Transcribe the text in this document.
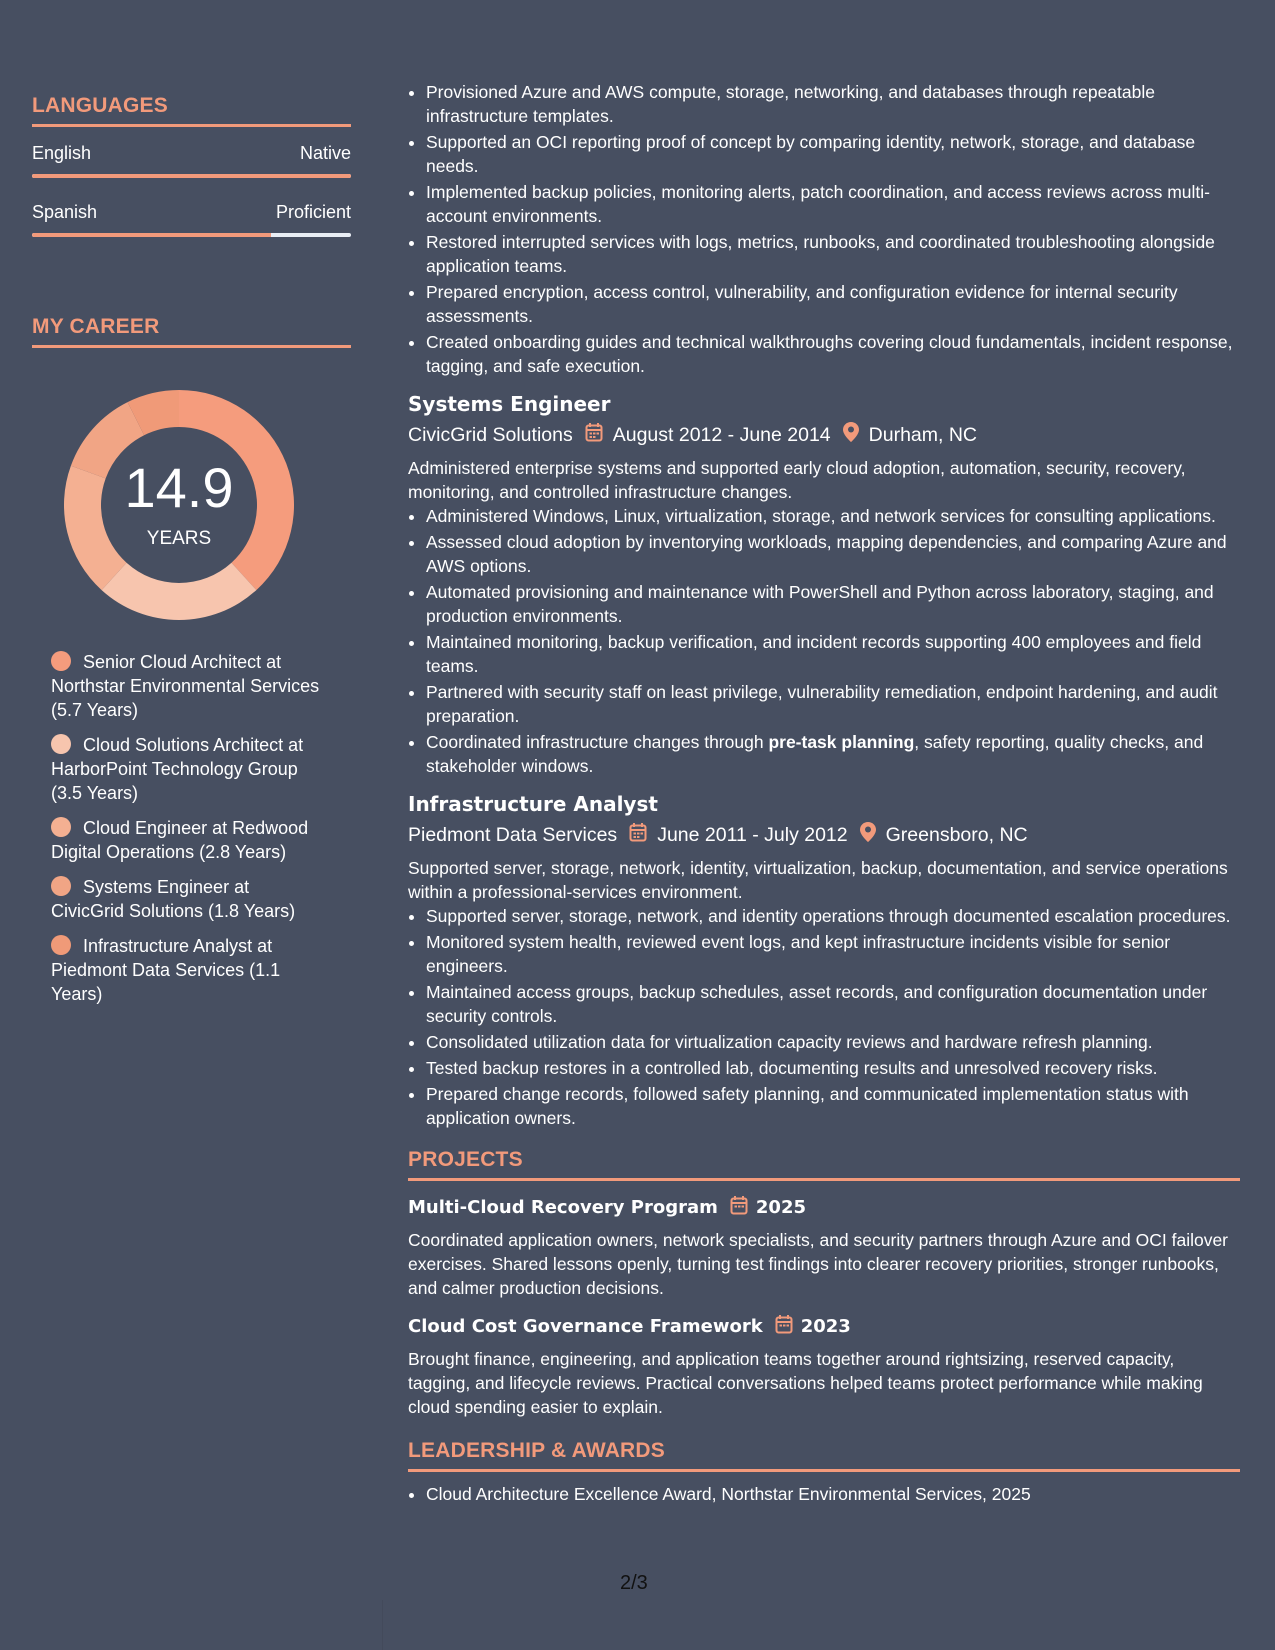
LANGUAGES
English	Native
Spanish	Proficient
MY CAREER
14.9
YEARS
Senior Cloud Architect at Northstar Environmental Services (5.7 Years)
Cloud Solutions Architect at HarborPoint Technology Group (3.5 Years)
Cloud Engineer at Redwood Digital Operations (2.8 Years)
Systems Engineer at CivicGrid Solutions (1.8 Years)
Infrastructure Analyst at Piedmont Data Services (1.1 Years)
• Provisioned Azure and AWS compute, storage, networking, and databases through repeatable infrastructure templates.
• Supported an OCI reporting proof of concept by comparing identity, network, storage, and database needs.
• Implemented backup policies, monitoring alerts, patch coordination, and access reviews across multi-account environments.
• Restored interrupted services with logs, metrics, runbooks, and coordinated troubleshooting alongside application teams.
• Prepared encryption, access control, vulnerability, and configuration evidence for internal security assessments.
• Created onboarding guides and technical walkthroughs covering cloud fundamentals, incident response, tagging, and safe execution.
Systems Engineer
CivicGrid Solutions August 2012 - June 2014 Durham, NC
Administered enterprise systems and supported early cloud adoption, automation, security, recovery, monitoring, and controlled infrastructure changes.
• Administered Windows, Linux, virtualization, storage, and network services for consulting applications.
• Assessed cloud adoption by inventorying workloads, mapping dependencies, and comparing Azure and AWS options.
• Automated provisioning and maintenance with PowerShell and Python across laboratory, staging, and production environments.
• Maintained monitoring, backup verification, and incident records supporting 400 employees and field teams.
• Partnered with security staff on least privilege, vulnerability remediation, endpoint hardening, and audit preparation.
• Coordinated infrastructure changes through pre-task planning, safety reporting, quality checks, and stakeholder windows.
Infrastructure Analyst
Piedmont Data Services June 2011 - July 2012 Greensboro, NC
Supported server, storage, network, identity, virtualization, backup, documentation, and service operations within a professional-services environment.
• Supported server, storage, network, and identity operations through documented escalation procedures.
• Monitored system health, reviewed event logs, and kept infrastructure incidents visible for senior engineers.
• Maintained access groups, backup schedules, asset records, and configuration documentation under security controls.
• Consolidated utilization data for virtualization capacity reviews and hardware refresh planning.
• Tested backup restores in a controlled lab, documenting results and unresolved recovery risks.
• Prepared change records, followed safety planning, and communicated implementation status with application owners.
PROJECTS
Multi-Cloud Recovery Program 2025
Coordinated application owners, network specialists, and security partners through Azure and OCI failover exercises. Shared lessons openly, turning test findings into clearer recovery priorities, stronger runbooks, and calmer production decisions.
Cloud Cost Governance Framework 2023
Brought finance, engineering, and application teams together around rightsizing, reserved capacity, tagging, and lifecycle reviews. Practical conversations helped teams protect performance while making cloud spending easier to explain.
LEADERSHIP & AWARDS
• Cloud Architecture Excellence Award, Northstar Environmental Services, 2025
2/3
